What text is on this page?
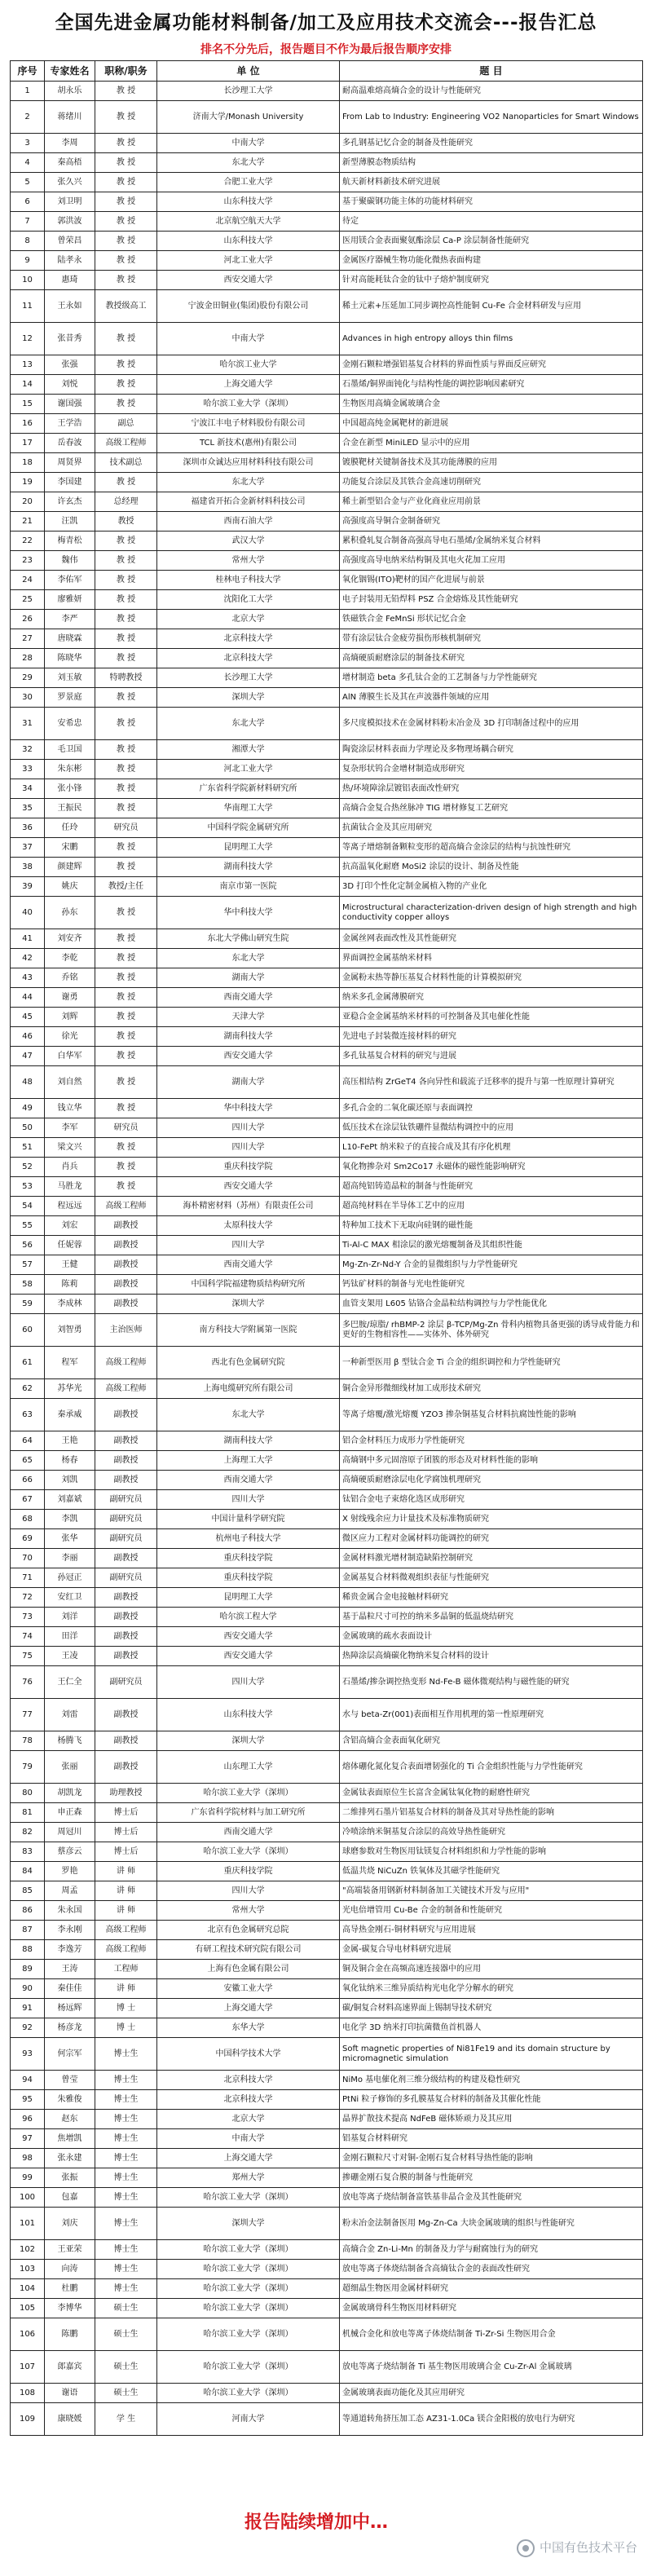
全国先进金属功能材料制备/加工及应用技术交流会---报告汇总
排名不分先后，报告题目不作为最后报告顺序安排
序号	专家姓名	职称/职务	单 位	题 目
1	胡永乐	教 授	长沙理工大学	耐高温难熔高熵合金的设计与性能研究
2	蒋绪川	教 授	济南大学/Monash University	From Lab to Industry: Engineering VO2 Nanoparticles for Smart Windows
3	李周	教 授	中南大学	多孔钢基记忆合金的制备及性能研究
4	秦高梧	教 授	东北大学	新型薄膜态物质结构
5	张久兴	教 授	合肥工业大学	航天新材料新技术研究进展
6	刘卫明	教 授	山东科技大学	基于聚碳钢功能主体的功能材料研究
7	郭洪波	教 授	北京航空航天大学	待定
8	曾荣昌	教 授	山东科技大学	医用镁合金表面聚氨酯涂层 Ca-P 涂层制备性能研究
9	陆孝永	教 授	河北工业大学	金属医疗器械生物功能化微热表面构建
10	惠琦	教 授	西安交通大学	针对高能耗钛合金的钛中子熔炉制度研究
11	王永如	教授级高工	宁波金田铜业(集团)股份有限公司	稀土元素+压延加工同步调控高性能铜 Cu-Fe 合金材料研发与应用
12	张昔秀	教 授	中南大学	Advances in high entropy alloys thin films
13	张强	教 授	哈尔滨工业大学	金刚石颗粒增强铝基复合材料的界面性质与界面反应研究
14	刘悦	教 授	上海交通大学	石墨烯/铜界面钝化与结构性能的调控影响因素研究
15	谢国强	教 授	哈尔滨工业大学（深圳）	生物医用高熵金属玻璃合金
16	王学浩	副总	宁波江丰电子材料股份有限公司	中国超高纯金属靶材的新进展
17	岳春波	高级工程师	TCL 新技术(惠州)有限公司	合金在新型 MiniLED 显示中的应用
18	周贤界	技术副总	深圳市众诚达应用材料科技有限公司	镀膜靶材关键制备技术及其功能薄膜的应用
19	李国建	教 授	东北大学	功能复合涂层及其铁合金高速切削研究
20	许玄杰	总经理	福建省开拓合金新材料科技公司	稀土新型铝合金与产业化商业应用前景
21	汪凯	教授	西南石油大学	高强度高导铜合金制备研究
22	梅青松	教 授	武汉大学	累积叠轧复合制备高强高导电石墨烯/金属纳米复合材料
23	魏伟	教 授	常州大学	高强度高导电纳米结构铜及其电火花加工应用
24	李佑军	教 授	桂林电子科技大学	氧化铟锡(ITO)靶材的国产化进展与前景
25	廖雅妍	教 授	沈阳化工大学	电子封装用无铅焊料 PSZ 合金熔炼及其性能研究
26	李严	教 授	北京大学	铁磁铁合金 FeMnSi 形状记忆合金
27	唐晓霖	教 授	北京科技大学	带有涂层钛合金疲劳损伤形核机制研究
28	陈晓华	教 授	北京科技大学	高熵硬质耐磨涂层的制备技术研究
29	刘玉敏	特聘教授	长沙理工大学	增材制造 beta 多孔钛合金的工艺制备与力学性能研究
30	罗景庭	教 授	深圳大学	AlN 薄膜生长及其在声波器件领域的应用
31	安希忠	教 授	东北大学	多尺度模拟技术在金属材料粉末冶金及 3D 打印制备过程中的应用
32	毛卫国	教 授	湘潭大学	陶瓷涂层材料表面力学理论及多物理场耦合研究
33	朱东彬	教 授	河北工业大学	复杂形状钨合金增材制造成形研究
34	张小锋	教 授	广东省科学院新材料研究所	热/环境障涂层镀铝表面改性研究
35	王振民	教 授	华南理工大学	高熵合金复合热丝脉冲 TIG 增材修复工艺研究
36	任玲	研究员	中国科学院金属研究所	抗菌钛合金及其应用研究
37	宋鹏	教 授	昆明理工大学	等离子增熔制备颗粒变形的超高熵合金涂层的结构与抗蚀性研究
38	颜建辉	教 授	湖南科技大学	抗高温氧化耐磨 MoSi2 涂层的设计、制备及性能
39	姚庆	教授/主任	南京市第一医院	3D 打印个性化定制金属植入物的产业化
40	孙东	教 授	华中科技大学	Microstructural characterization-driven design of high strength and high conductivity copper alloys
41	刘安齐	教 授	东北大学佛山研究生院	金属丝网表面改性及其性能研究
42	李乾	教 授	东北大学	界面调控金属基纳米材料
43	乔铭	教 授	湖南大学	金属粉末热等静压基复合材料性能的计算模拟研究
44	谢勇	教 授	西南交通大学	纳米多孔金属薄膜研究
45	刘辉	教 授	天津大学	亚稳合金金属基纳米材料的可控制备及其电催化性能
46	徐光	教 授	湖南科技大学	先进电子封装微连接材料的研究
47	白华军	教 授	西安交通大学	多孔钛基复合材料的研究与进展
48	刘自然	教 授	湖南大学	高压相结构 ZrGeT4 各向异性和载流子迁移率的提升与第一性原理计算研究
49	钱立华	教 授	华中科技大学	多孔合金的二氧化碳还原与表面调控
50	李军	研究员	四川大学	低压技术在涂层钛铁硼件显微结构调控中的应用
51	梁文兴	教 授	四川大学	L10-FePt 纳米粒子的直接合成及其有序化机理
52	肖兵	教 授	重庆科技学院	氧化物掺杂对 Sm2Co17 永磁体的磁性能影响研究
53	马胜龙	教 授	西安交通大学	超高纯铝铸造晶粒的制备与性能研究
54	程远远	高级工程师	海朴精密材料（苏州）有限责任公司	超高纯材料在半导体工艺中的应用
55	刘宏	副教授	太原科技大学	特种加工技术下无取向硅钢的磁性能
56	任妮蓉	副教授	四川大学	Ti-Al-C MAX 相涂层的激光熔覆制备及其组织性能
57	王健	副教授	西南交通大学	Mg-Zn-Zr-Nd-Y 合金的显微组织与力学性能研究
58	陈莉	副教授	中国科学院福建物质结构研究所	钙钛矿材料的制备与光电性能研究
59	李成林	副教授	深圳大学	血管支架用 L605 钴铬合金晶粒结构调控与力学性能优化
60	刘智勇	主治医师	南方科技大学附属第一医院	多巴胺/琼脂/ rhBMP-2 涂层 β-TCP/Mg-Zn 骨科内植物具备更强的诱导成骨能力和更好的生物相容性——实体外、体外研究
61	程军	高级工程师	西北有色金属研究院	一种新型医用 β 型钛合金 Ti 合金的组织调控和力学性能研究
62	苏华光	高级工程师	上海电缆研究所有限公司	铜合金异形微细线材加工成形技术研究
63	秦承威	副教授	东北大学	等离子熔覆/激光熔覆 YZO3 掺杂铜基复合材料抗腐蚀性能的影响
64	王艳	副教授	湖南科技大学	铝合金材料压力成形力学性能研究
65	杨春	副教授	上海理工大学	高熵钢中多元固溶原子团簇的形态及对材料性能的影响
66	刘凯	副教授	西南交通大学	高熵硬质耐磨涂层电化学腐蚀机理研究
67	刘嘉斌	副研究员	四川大学	钛铝合金电子束熔化选区成形研究
68	李凯	副研究员	中国计量科学研究院	X 射线残余应力计量技术及标准物质研究
69	张华	副研究员	杭州电子科技大学	微区应力工程对金属材料功能调控的研究
70	李丽	副教授	重庆科技学院	金属材料激光增材制造缺陷控制研究
71	孙冠正	副研究员	重庆科技学院	金属基复合材料微观组织表征与性能研究
72	安红卫	副教授	昆明理工大学	稀贵金属合金电接触材料研究
73	刘洋	副教授	哈尔滨工程大学	基于晶粒尺寸可控的纳米多晶铜的低温烧结研究
74	田洋	副教授	西安交通大学	金属玻璃的疏水表面设计
75	王凌	副教授	西安交通大学	热障涂层高熵碳化物纳米复合材料的设计
76	王仁全	副研究员	四川大学	石墨烯/掺杂调控热变形 Nd-Fe-B 磁体微观结构与磁性能的研究
77	刘雷	副教授	山东科技大学	水与 beta-Zr(001)表面相互作用机理的第一性原理研究
78	杨腾飞	副教授	深圳大学	含铝高熵合金表面氧化研究
79	张丽	副教授	山东理工大学	熔体硼化氮化复合表面增韧强化的 Ti 合金组织性能与力学性能研究
80	胡凯龙	助理教授	哈尔滨工业大学（深圳）	金属钛表面原位生长富含金属钛氧化物的耐磨性研究
81	申正森	博士后	广东省科学院材料与加工研究所	二维排列石墨片铝基复合材料的制备及其对导热性能的影响
82	周冠川	博士后	西南交通大学	冷喷涂纳米铜基复合涂层的高效导热性能研究
83	蔡彦云	博士后	哈尔滨工业大学（深圳）	球磨参数对生物医用钛镁复合材料组织和力学性能的影响
84	罗艳	讲 师	重庆科技学院	低温共烧 NiCuZn 铁氧体及其磁学性能研究
85	周孟	讲 师	四川大学	"高端装备用钢新材料制备加工关键技术开发与应用"
86	朱永国	讲 师	常州大学	光电倍增管用 Cu-Be 合金的制备和性能研究
87	李永刚	高级工程师	北京有色金属研究总院	高导热金刚石-铜材料研究与应用进展
88	李逸芳	高级工程师	有研工程技术研究院有限公司	金属-碳复合导电材料研究进展
89	王涛	工程师	上海有色金属有限公司	铜及铜合金在高频高速连接器中的应用
90	秦佳佳	讲 师	安徽工业大学	氧化钛纳米三维异质结构光电化学分解水的研究
91	杨远辉	博 士	上海交通大学	碳/铜复合材料高速界面上锡制导技术研究
92	杨彦龙	博 士	东华大学	电化学 3D 纳米打印抗菌微鱼首机器人
93	何宗军	博士生	中国科学技术大学	Soft magnetic properties of Ni81Fe19 and its domain structure by micromagnetic simulation
94	曾莹	博士生	北京科技大学	NiMo 基电催化剂三维分级结构的构建及稳性研究
95	朱雅俊	博士生	北京科技大学	PtNi 粒子修饰的多孔膜基复合材料的制备及其催化性能
96	赵东	博士生	北京大学	晶界扩散技术提高 NdFeB 磁体矫顽力及其应用
97	焦增凯	博士生	中南大学	铝基复合材料研究
98	张永建	博士生	上海交通大学	金刚石颗粒尺寸对铜-金刚石复合材料导热性能的影响
99	张振	博士生	郑州大学	掺硼金刚石复合膜的制备与性能研究
100	包嘉	博士生	哈尔滨工业大学（深圳）	放电等离子烧结制备富铁基非晶合金及其性能研究
101	刘庆	博士生	深圳大学	粉末冶金法制备医用 Mg-Zn-Ca 大块金属玻璃的组织与性能研究
102	王亚荣	博士生	哈尔滨工业大学（深圳）	高熵合金 Zn-Li-Mn 的制备及力学与耐腐蚀行为的研究
103	向涛	博士生	哈尔滨工业大学（深圳）	放电等离子体烧结制备含高熵钛合金的表面改性研究
104	杜鹏	博士生	哈尔滨工业大学（深圳）	超细晶生物医用金属材料研究
105	李博华	硕士生	哈尔滨工业大学（深圳）	金属玻璃骨科生物医用材料研究
106	陈鹏	硕士生	哈尔滨工业大学（深圳）	机械合金化和放电等离子体烧结制备 Ti-Zr-Si 生物医用合金
107	郎嘉宾	硕士生	哈尔滨工业大学（深圳）	放电等离子烧结制备 Ti 基生物医用玻璃合金 Cu-Zr-Al 金属玻璃
108	谢语	硕士生	哈尔滨工业大学（深圳）	金属玻璃表面功能化及其应用研究
109	康晓媛	学 生	河南大学	等通道转角挤压加工态 AZ31-1.0Ca 镁合金阳极的放电行为研究
报告陆续增加中…
中国有色技术平台
